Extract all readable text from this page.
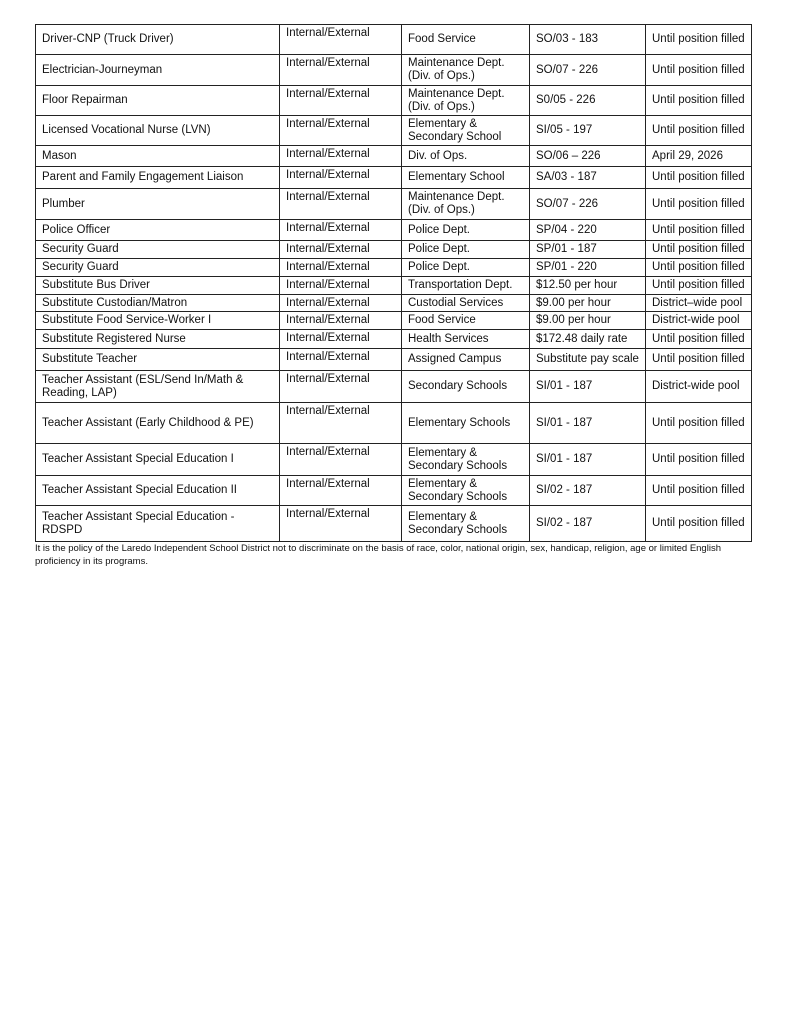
Driver-CNP (Truck Driver)	Internal/External	Food Service	SO/03 - 183	Until position filled
Electrician-Journeyman	Internal/External	Maintenance Dept. (Div. of Ops.)	SO/07 - 226	Until position filled
Floor Repairman	Internal/External	Maintenance Dept. (Div. of Ops.)	S0/05 - 226	Until position filled
Licensed Vocational Nurse (LVN)	Internal/External	Elementary & Secondary School	SI/05 - 197	Until position filled
Mason	Internal/External	Div. of Ops.	SO/06 – 226	April 29, 2026
Parent and Family Engagement Liaison	Internal/External	Elementary School	SA/03 - 187	Until position filled
Plumber	Internal/External	Maintenance Dept. (Div. of Ops.)	SO/07 - 226	Until position filled
Police Officer	Internal/External	Police Dept.	SP/04 - 220	Until position filled
Security Guard	Internal/External	Police Dept.	SP/01 - 187	Until position filled
Security Guard	Internal/External	Police Dept.	SP/01 - 220	Until position filled
Substitute Bus Driver	Internal/External	Transportation Dept.	$12.50 per hour	Until position filled
Substitute Custodian/Matron	Internal/External	Custodial Services	$9.00 per hour	District–wide pool
Substitute Food Service-Worker I	Internal/External	Food Service	$9.00 per hour	District-wide pool
Substitute Registered Nurse	Internal/External	Health Services	$172.48 daily rate	Until position filled
Substitute Teacher	Internal/External	Assigned Campus	Substitute pay scale	Until position filled
Teacher Assistant (ESL/Send In/Math & Reading, LAP)	Internal/External	Secondary Schools	SI/01 - 187	District-wide pool
Teacher Assistant (Early Childhood & PE)	Internal/External	Elementary Schools	SI/01 - 187	Until position filled
Teacher Assistant Special Education I	Internal/External	Elementary & Secondary Schools	SI/01 - 187	Until position filled
Teacher Assistant Special Education II	Internal/External	Elementary & Secondary Schools	SI/02 - 187	Until position filled
Teacher Assistant Special Education - RDSPD	Internal/External	Elementary & Secondary Schools	SI/02 - 187	Until position filled
It is the policy of the Laredo Independent School District not to discriminate on the basis of race, color, national origin, sex, handicap, religion, age or limited English proficiency in its programs.
